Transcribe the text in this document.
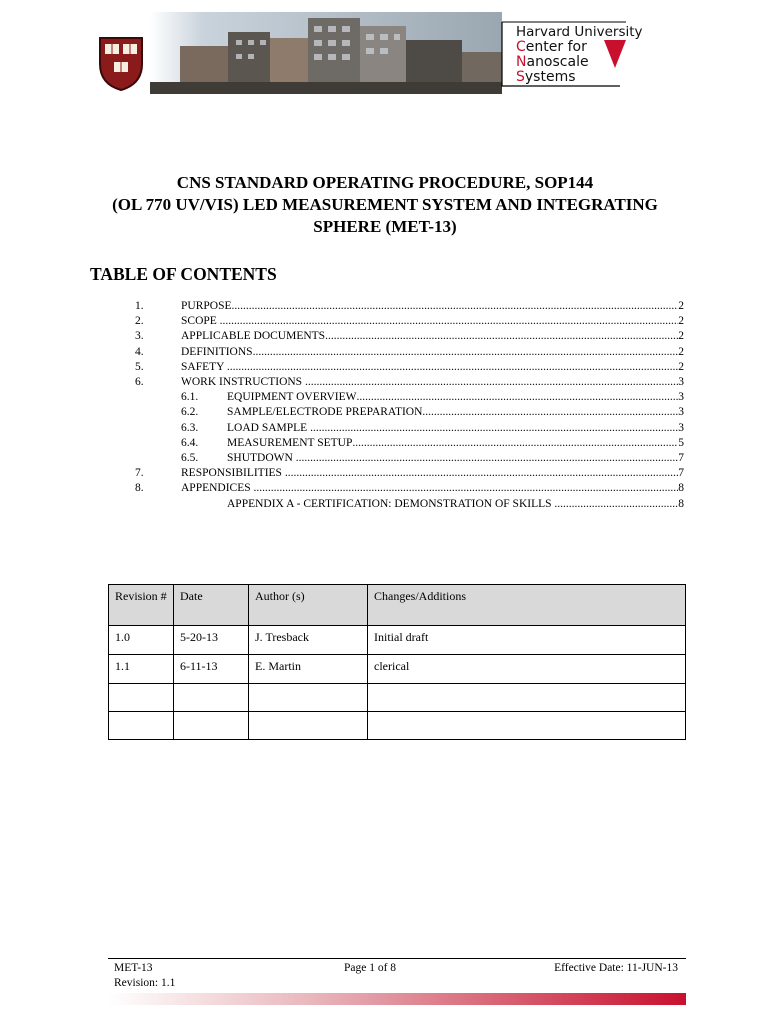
Harvard University
Center for
Nanoscale
Systems
CNS STANDARD OPERATING PROCEDURE, SOP144
(OL 770 UV/VIS) LED MEASUREMENT SYSTEM AND INTEGRATING
SPHERE (MET-13)
TABLE OF CONTENTS
1.	PURPOSE .....	2
2.	SCOPE .....	2
3.	APPLICABLE DOCUMENTS .....	2
4.	DEFINITIONS .....	2
5.	SAFETY .....	2
6.	WORK INSTRUCTIONS .....	3
6.1.	EQUIPMENT OVERVIEW .....	3
6.2.	SAMPLE/ELECTRODE PREPARATION .....	3
6.3.	LOAD SAMPLE .....	3
6.4.	MEASUREMENT SETUP .....	5
6.5.	SHUTDOWN .....	7
7.	RESPONSIBILITIES .....	7
8.	APPENDICES .....	8
APPENDIX A - CERTIFICATION: DEMONSTRATION OF SKILLS .....	8
Revision #	Date	Author (s)	Changes/Additions
1.0	5-20-13	J. Tresback	Initial draft
1.1	6-11-13	E. Martin	clerical

MET-13
Revision: 1.1
Page 1 of 8	Effective Date: 11-JUN-13
